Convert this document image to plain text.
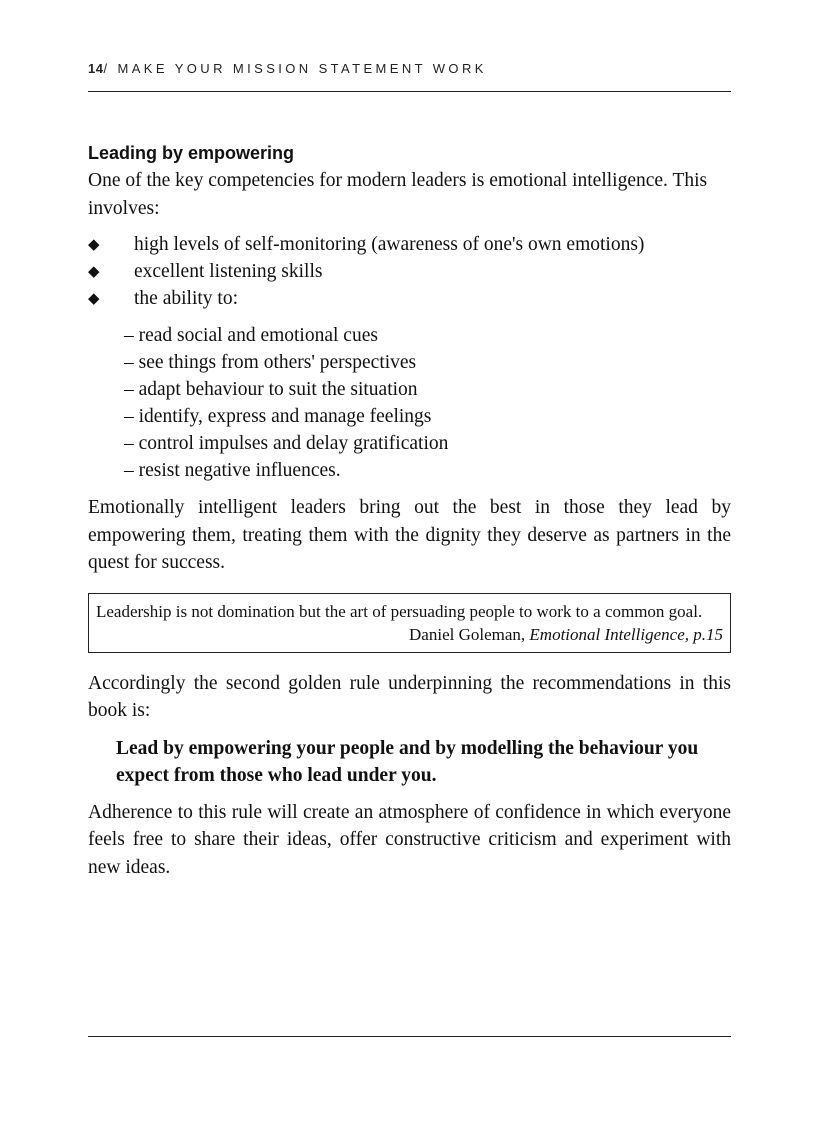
14/ MAKE YOUR MISSION STATEMENT WORK
Leading by empowering

One of the key competencies for modern leaders is emotional intelligence. This involves:

◆ high levels of self-monitoring (awareness of one's own emotions)
◆ excellent listening skills
◆ the ability to:
– read social and emotional cues
– see things from others' perspectives
– adapt behaviour to suit the situation
– identify, express and manage feelings
– control impulses and delay gratification
– resist negative influences.

Emotionally intelligent leaders bring out the best in those they lead by empowering them, treating them with the dignity they deserve as partners in the quest for success.

Leadership is not domination but the art of persuading people to work to a common goal.
Daniel Goleman, Emotional Intelligence, p.15

Accordingly the second golden rule underpinning the recommendations in this book is:

Lead by empowering your people and by modelling the behaviour you expect from those who lead under you.

Adherence to this rule will create an atmosphere of confidence in which everyone feels free to share their ideas, offer constructive criticism and experiment with new ideas.
